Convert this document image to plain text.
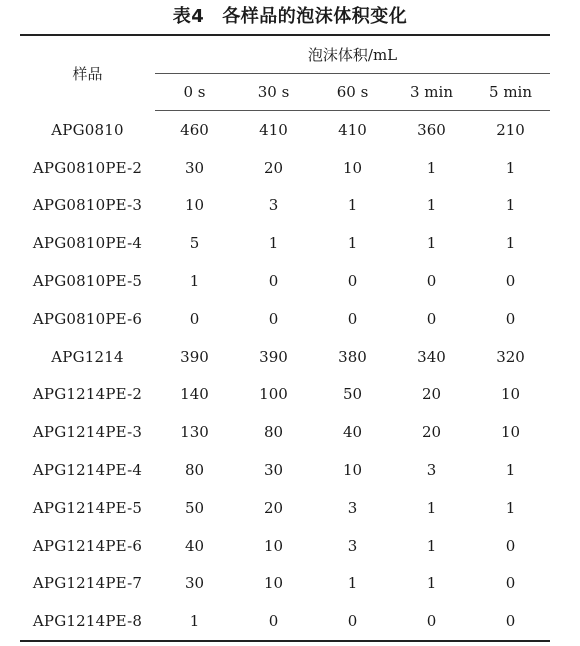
表4 各样品的泡沫体积变化
样品	泡沫体积/mL				
	0 s	30 s	60 s	3 min	5 min
APG0810	460	410	410	360	210
APG0810PE-2	30	20	10	1	1
APG0810PE-3	10	3	1	1	1
APG0810PE-4	5	1	1	1	1
APG0810PE-5	1	0	0	0	0
APG0810PE-6	0	0	0	0	0
APG1214	390	390	380	340	320
APG1214PE-2	140	100	50	20	10
APG1214PE-3	130	80	40	20	10
APG1214PE-4	80	30	10	3	1
APG1214PE-5	50	20	3	1	1
APG1214PE-6	40	10	3	1	0
APG1214PE-7	30	10	1	1	0
APG1214PE-8	1	0	0	0	0
